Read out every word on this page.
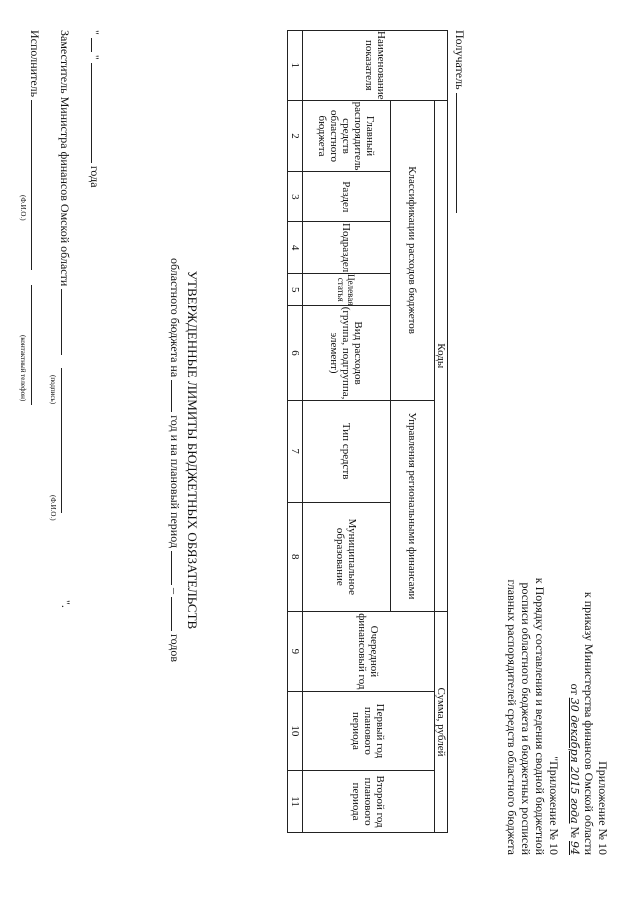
Приложение № 10
к приказу Министерства финансов Омской области
от 30 декабря 2015 года № 94
"Приложение № 10
к Порядку составления и ведения сводной бюджетной
росписи областного бюджета и бюджетных росписей
главных распорядителей средств областного бюджета
УТВЕРЖДЕННЫЕ ЛИМИТЫ БЮДЖЕТНЫХ ОБЯЗАТЕЛЬСТВ
областного бюджета на  год и на плановый период  –  годов
Получатель
Наименование показателя	Коды							Сумма, рублей		
	Классификации расходов бюджетов					Управления региональными финансами		Очередной финансовый год	Первый год планового периода	Второй год планового периода
	Главный распорядитель средств областного бюджета	Раздел	Подраздел	Целевая статья	Вид расходов (группа, подгруппа, элемент)	Тип средств	Муниципальное образование			
1	2	3	4	5	6	7	8	9	10	11
"  "  года
Заместитель Министра финансов Омской области
(подпись)
(Ф.И.О.)
".
Исполнитель
(Ф.И.О.)
(контактный телефон)
